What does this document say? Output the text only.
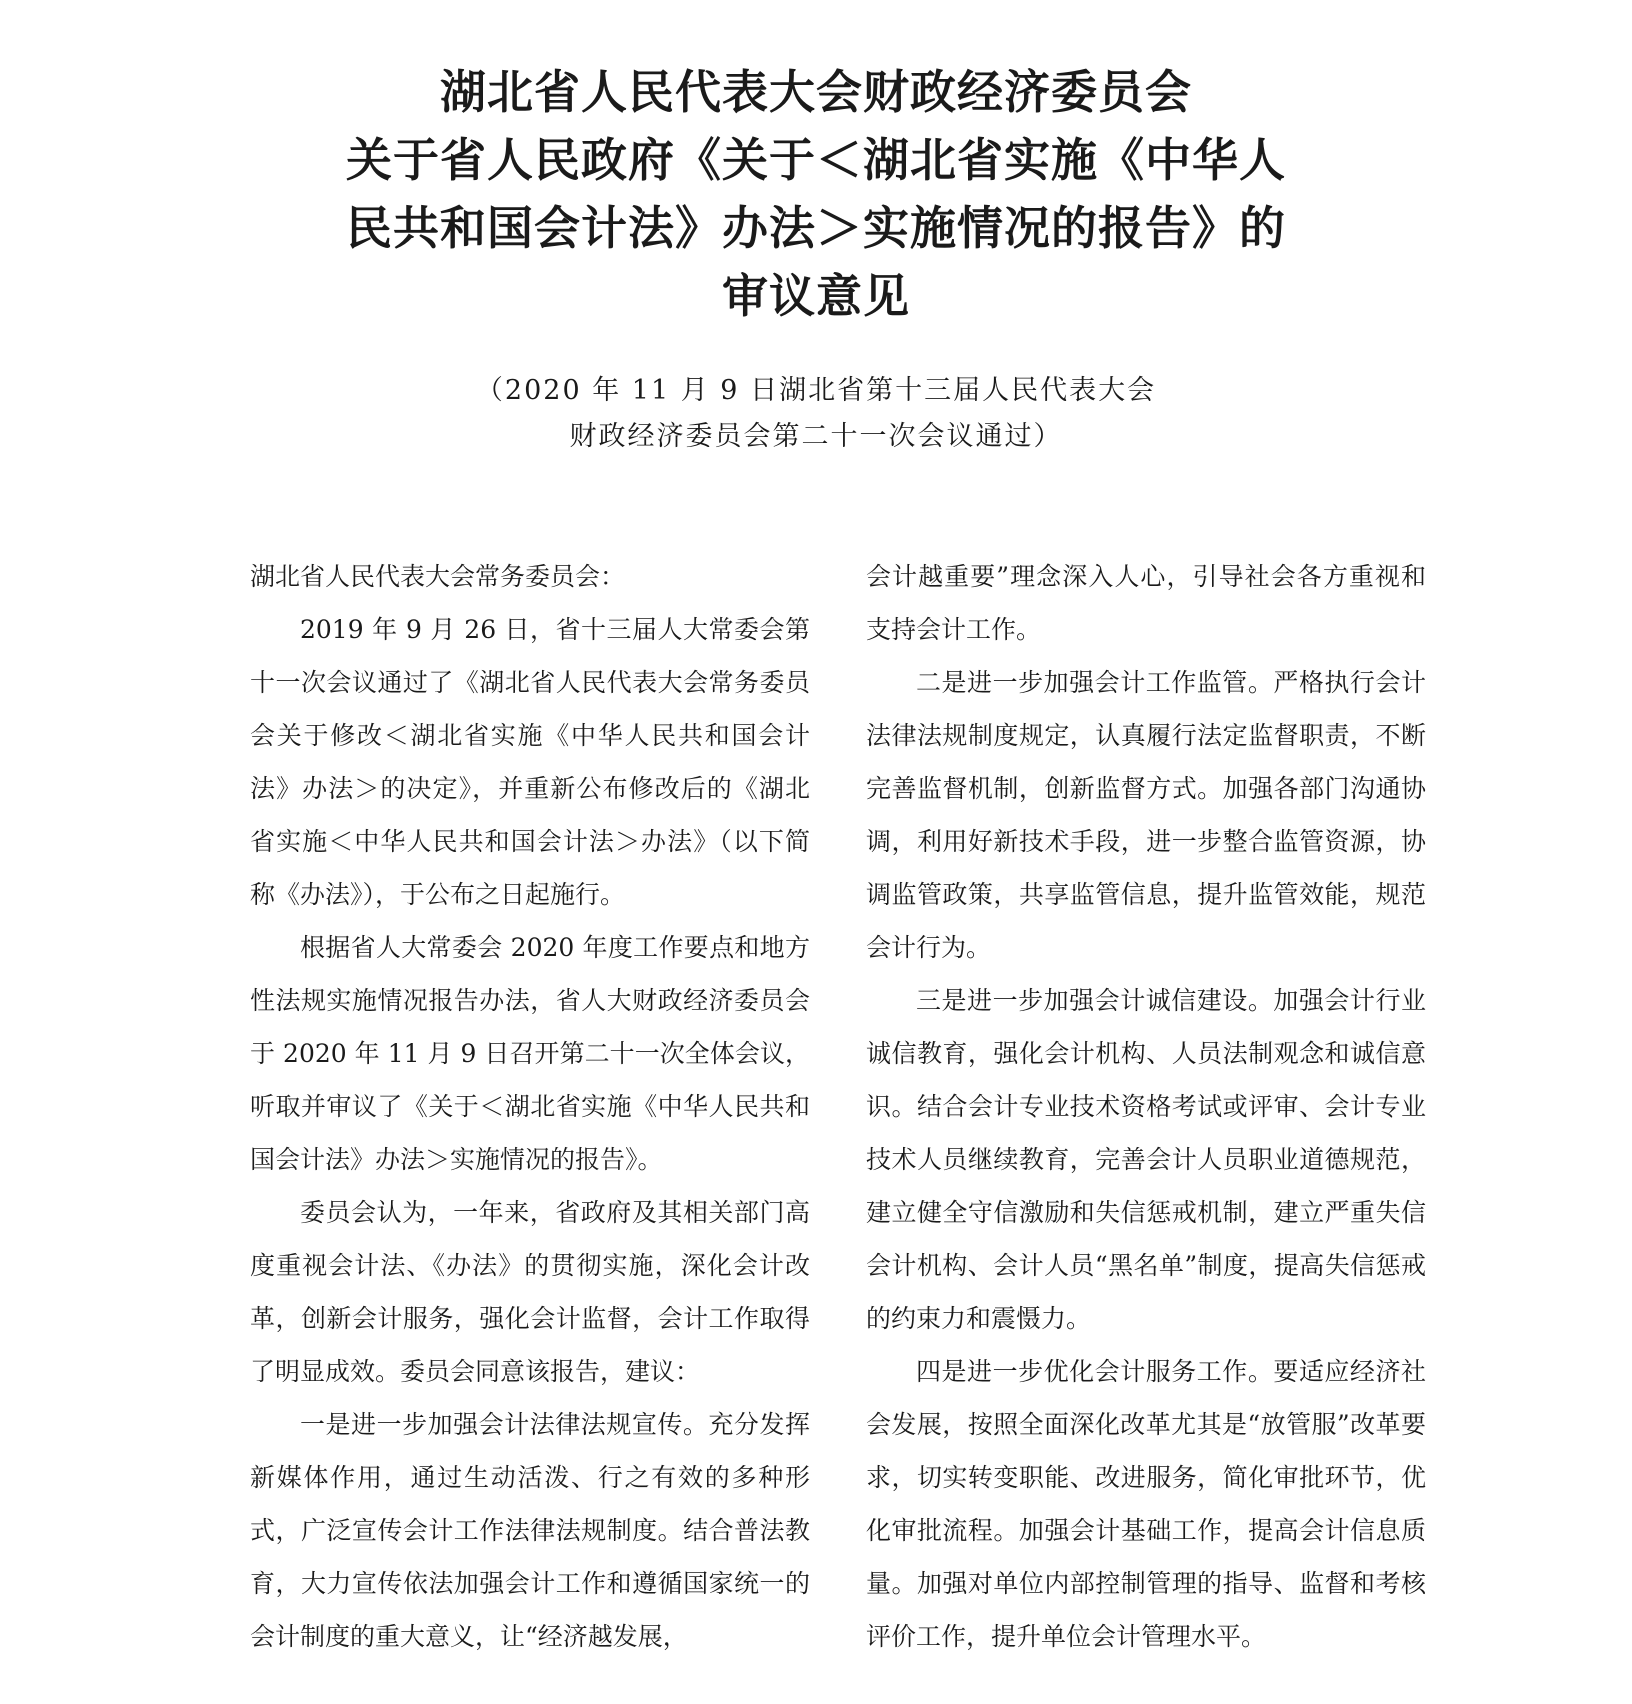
湖北省人民代表大会财政经济委员会
关于省人民政府《关于＜湖北省实施《中华人
民共和国会计法》办法＞实施情况的报告》的
审议意见
（2020 年 11 月 9 日湖北省第十三届人民代表大会
财政经济委员会第二十一次会议通过）

湖北省人民代表大会常务委员会：

2019 年 9 月 26 日，省十三届人大常委会第十一次会议通过了《湖北省人民代表大会常务委员会关于修改＜湖北省实施《中华人民共和国会计法》办法＞的决定》，并重新公布修改后的《湖北省实施＜中华人民共和国会计法＞办法》（以下简称《办法》），于公布之日起施行。

根据省人大常委会 2020 年度工作要点和地方性法规实施情况报告办法，省人大财政经济委员会于 2020 年 11 月 9 日召开第二十一次全体会议，听取并审议了《关于＜湖北省实施《中华人民共和国会计法》办法＞实施情况的报告》。

委员会认为，一年来，省政府及其相关部门高度重视会计法、《办法》的贯彻实施，深化会计改革，创新会计服务，强化会计监督，会计工作取得了明显成效。委员会同意该报告，建议：

一是进一步加强会计法律法规宣传。充分发挥新媒体作用，通过生动活泼、行之有效的多种形式，广泛宣传会计工作法律法规制度。结合普法教育，大力宣传依法加强会计工作和遵循国家统一的会计制度的重大意义，让“经济越发展，

会计越重要”理念深入人心，引导社会各方重视和支持会计工作。

二是进一步加强会计工作监管。严格执行会计法律法规制度规定，认真履行法定监督职责，不断完善监督机制，创新监督方式。加强各部门沟通协调，利用好新技术手段，进一步整合监管资源，协调监管政策，共享监管信息，提升监管效能，规范会计行为。

三是进一步加强会计诚信建设。加强会计行业诚信教育，强化会计机构、人员法制观念和诚信意识。结合会计专业技术资格考试或评审、会计专业技术人员继续教育，完善会计人员职业道德规范，建立健全守信激励和失信惩戒机制，建立严重失信会计机构、会计人员“黑名单”制度，提高失信惩戒的约束力和震慑力。

四是进一步优化会计服务工作。要适应经济社会发展，按照全面深化改革尤其是“放管服”改革要求，切实转变职能、改进服务，简化审批环节，优化审批流程。加强会计基础工作，提高会计信息质量。加强对单位内部控制管理的指导、监督和考核评价工作，提升单位会计管理水平。
